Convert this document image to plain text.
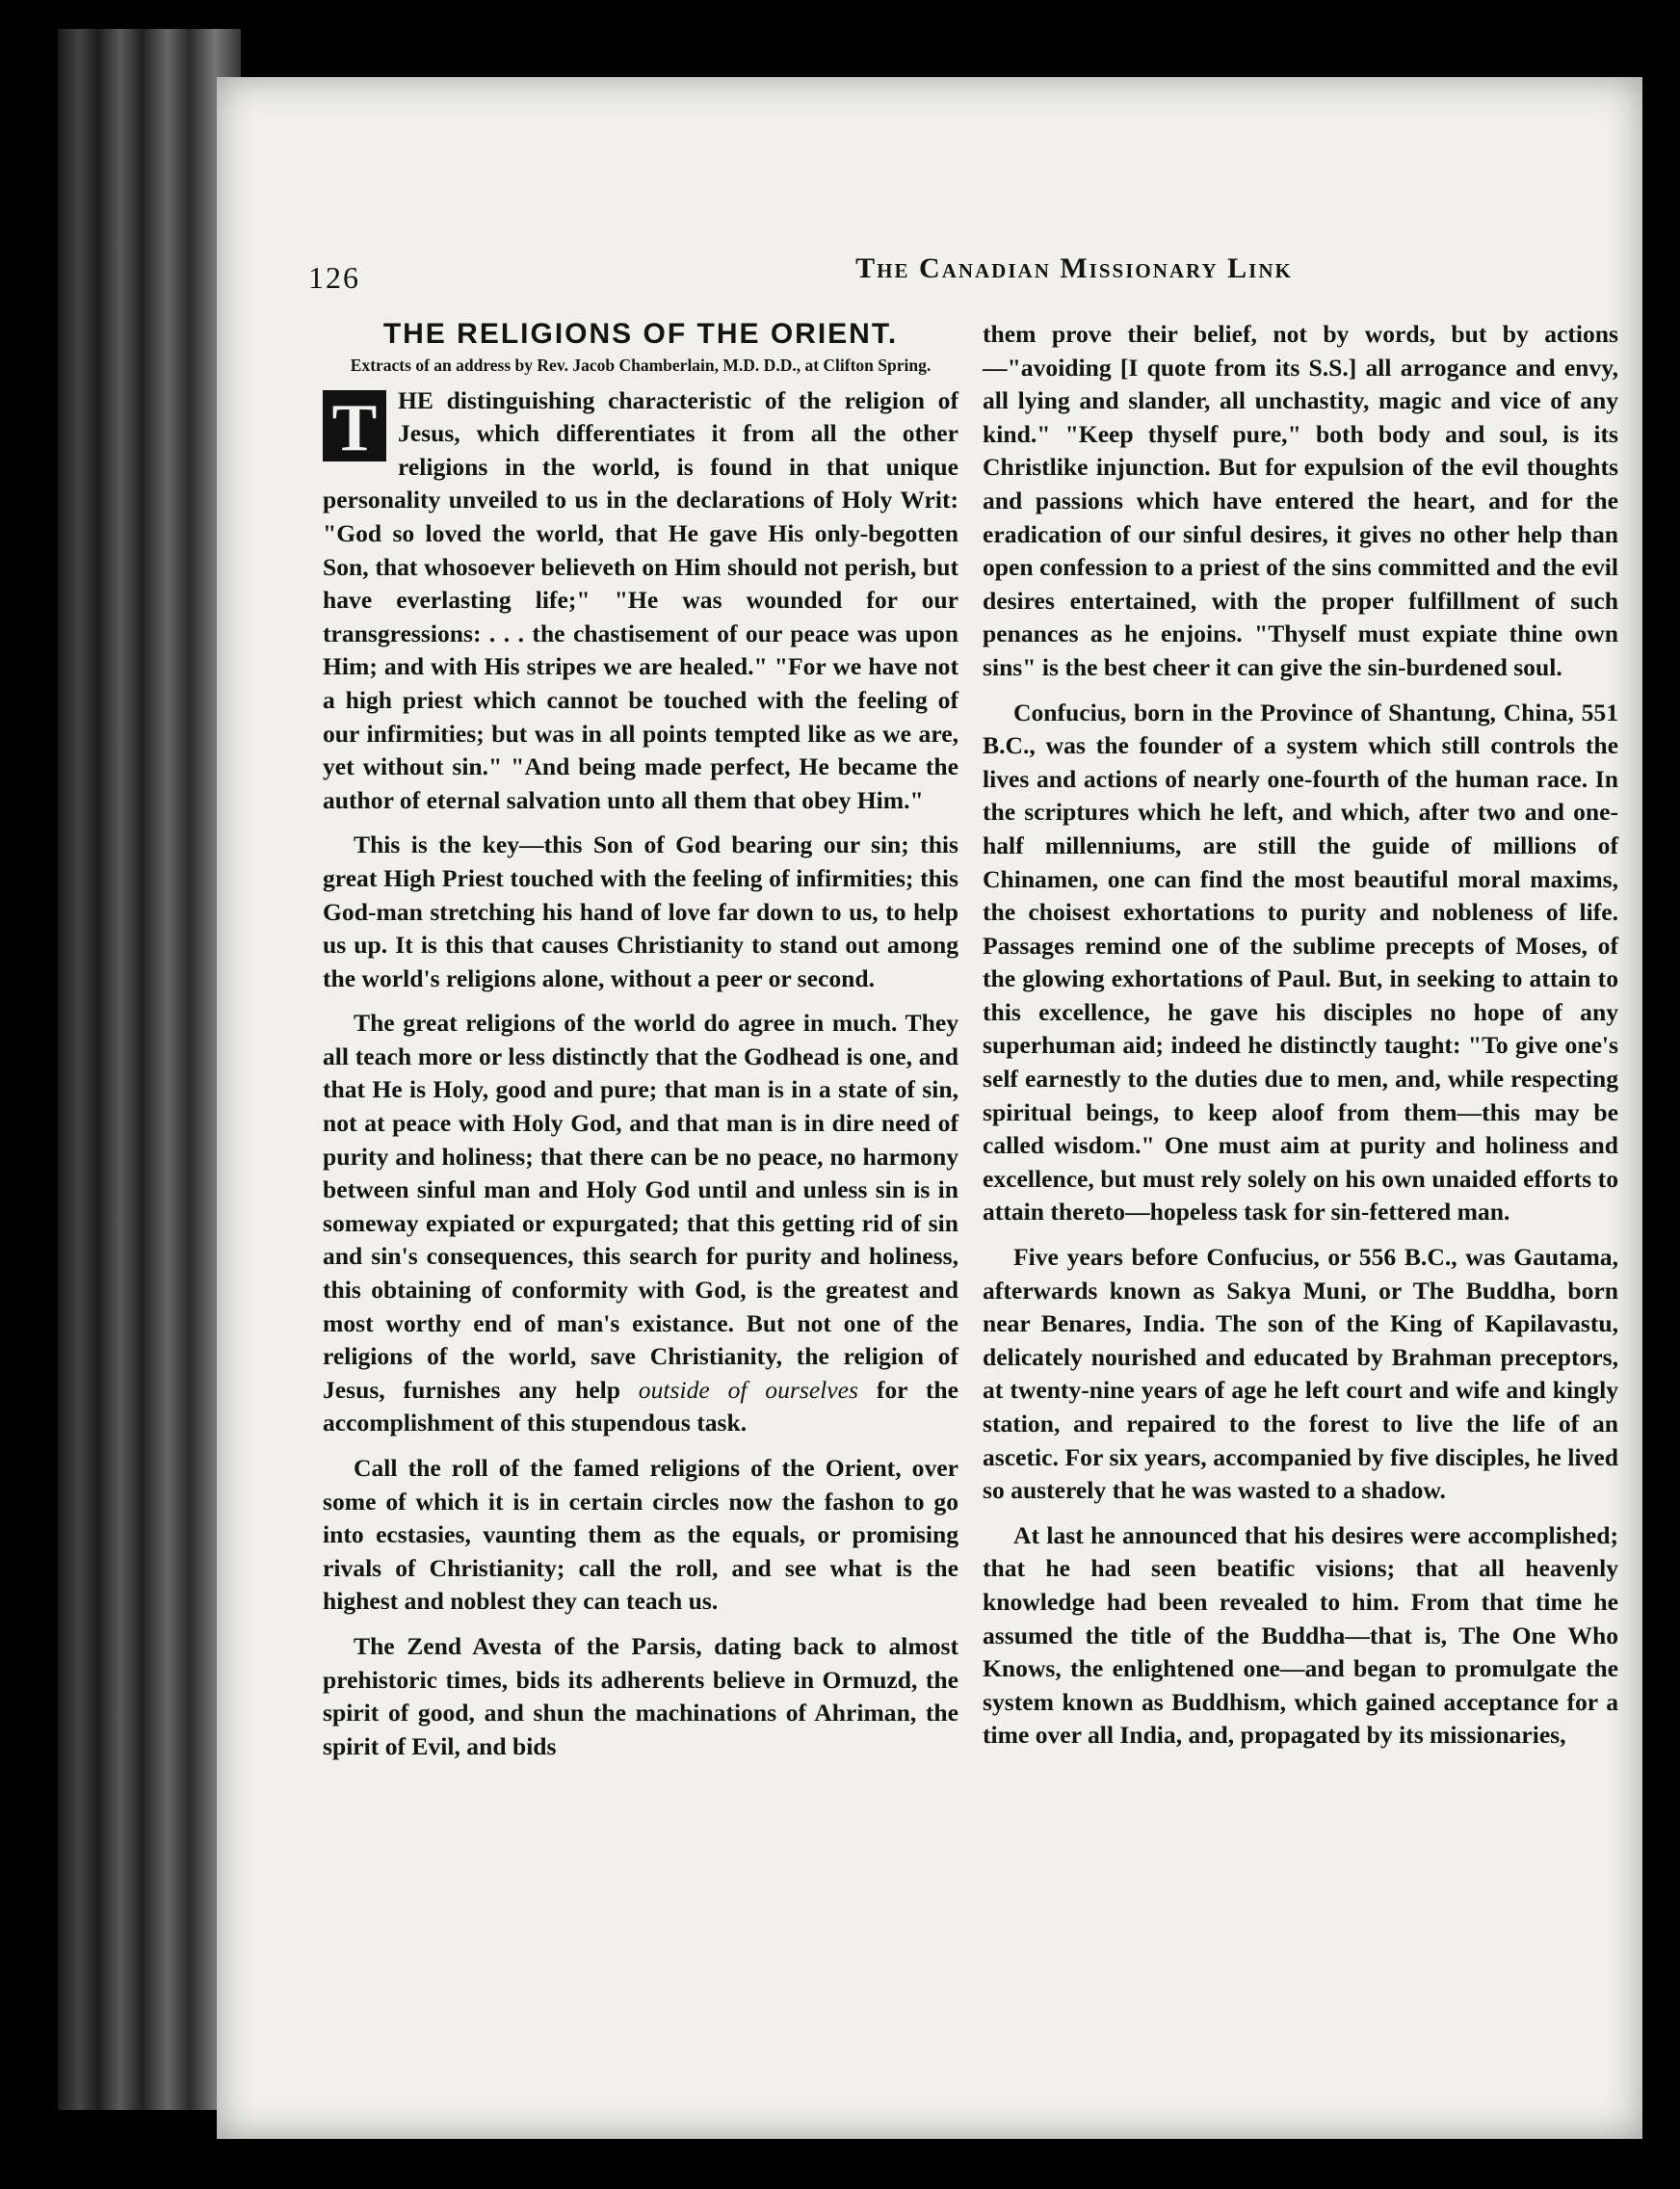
126	The Canadian Missionary Link
THE RELIGIONS OF THE ORIENT.
Extracts of an address by Rev. Jacob Chamberlain, M.D. D.D., at Clifton Spring.

T HE distinguishing characteristic of the religion of Jesus, which differentiates it from all the other religions in the world, is found in that unique personality unveiled to us in the declarations of Holy Writ: "God so loved the world, that He gave His only-begotten Son, that whosoever believeth on Him should not perish, but have everlasting life;" "He was wounded for our transgressions: . . . the chastisement of our peace was upon Him; and with His stripes we are healed." "For we have not a high priest which cannot be touched with the feeling of our infirmities; but was in all points tempted like as we are, yet without sin." "And being made perfect, He became the author of eternal salvation unto all them that obey Him."

This is the key—this Son of God bearing our sin; this great High Priest touched with the feeling of infirmities; this God-man stretching his hand of love far down to us, to help us up. It is this that causes Christianity to stand out among the world's religions alone, without a peer or second.

The great religions of the world do agree in much. They all teach more or less distinctly that the Godhead is one, and that He is Holy, good and pure; that man is in a state of sin, not at peace with Holy God, and that man is in dire need of purity and holiness; that there can be no peace, no harmony between sinful man and Holy God until and unless sin is in someway expiated or expurgated; that this getting rid of sin and sin's consequences, this search for purity and holiness, this obtaining of conformity with God, is the greatest and most worthy end of man's existance. But not one of the religions of the world, save Christianity, the religion of Jesus, furnishes any help outside of ourselves for the accomplishment of this stupendous task.

Call the roll of the famed religions of the Orient, over some of which it is in certain circles now the fashon to go into ecstasies, vaunting them as the equals, or promising rivals of Christianity; call the roll, and see what is the highest and noblest they can teach us.

The Zend Avesta of the Parsis, dating back to almost prehistoric times, bids its adherents believe in Ormuzd, the spirit of good, and shun the machinations of Ahriman, the spirit of Evil, and bids

them prove their belief, not by words, but by actions—"avoiding [I quote from its S.S.] all arrogance and envy, all lying and slander, all unchastity, magic and vice of any kind." "Keep thyself pure," both body and soul, is its Christlike injunction. But for expulsion of the evil thoughts and passions which have entered the heart, and for the eradication of our sinful desires, it gives no other help than open confession to a priest of the sins committed and the evil desires entertained, with the proper fulfillment of such penances as he enjoins. "Thyself must expiate thine own sins" is the best cheer it can give the sin-burdened soul.

Confucius, born in the Province of Shantung, China, 551 B.C., was the founder of a system which still controls the lives and actions of nearly one-fourth of the human race. In the scriptures which he left, and which, after two and one-half millenniums, are still the guide of millions of Chinamen, one can find the most beautiful moral maxims, the choisest exhortations to purity and nobleness of life. Passages remind one of the sublime precepts of Moses, of the glowing exhortations of Paul. But, in seeking to attain to this excellence, he gave his disciples no hope of any superhuman aid; indeed he distinctly taught: "To give one's self earnestly to the duties due to men, and, while respecting spiritual beings, to keep aloof from them—this may be called wisdom." One must aim at purity and holiness and excellence, but must rely solely on his own unaided efforts to attain thereto—hopeless task for sin-fettered man.

Five years before Confucius, or 556 B.C., was Gautama, afterwards known as Sakya Muni, or The Buddha, born near Benares, India. The son of the King of Kapilavastu, delicately nourished and educated by Brahman preceptors, at twenty-nine years of age he left court and wife and kingly station, and repaired to the forest to live the life of an ascetic. For six years, accompanied by five disciples, he lived so austerely that he was wasted to a shadow.

At last he announced that his desires were accomplished; that he had seen beatific visions; that all heavenly knowledge had been revealed to him. From that time he assumed the title of the Buddha—that is, The One Who Knows, the enlightened one—and began to promulgate the system known as Buddhism, which gained acceptance for a time over all India, and, propagated by its missionaries,
